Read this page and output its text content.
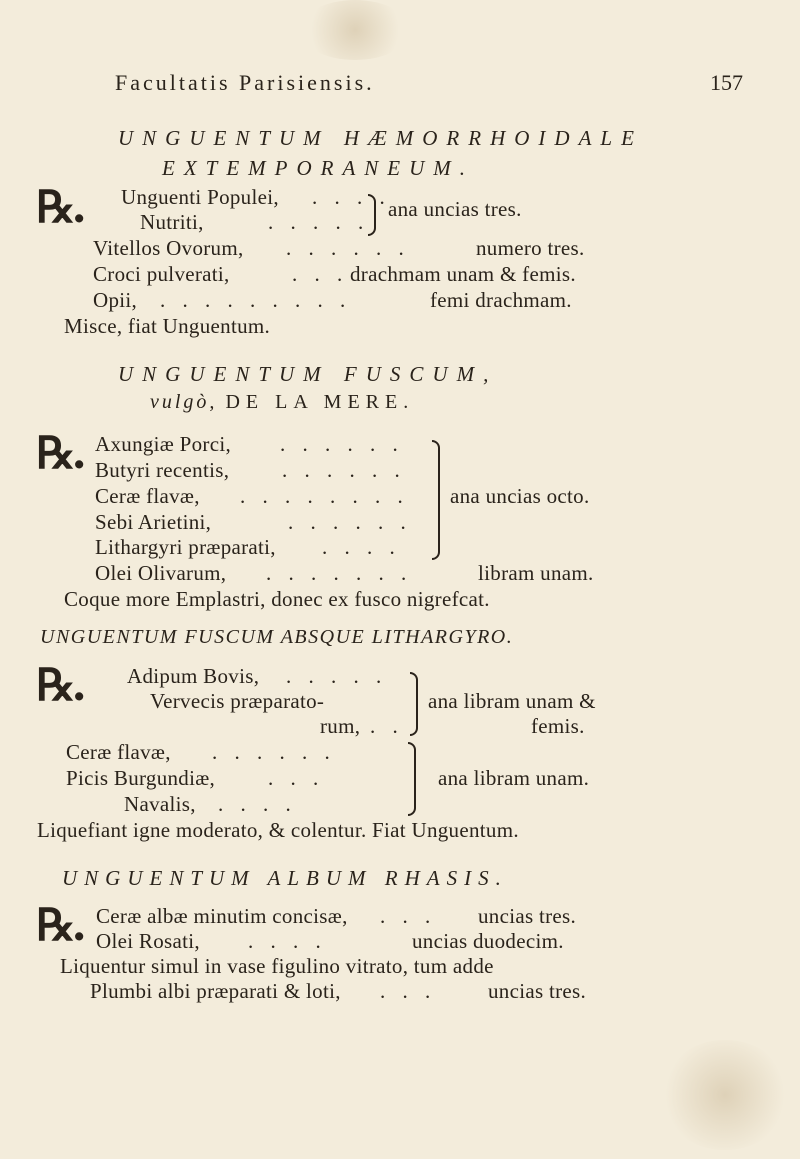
Facultatis Parisiensis.	157
UNGUENTUM HÆMORRHOIDALE
EXTEMPORANEUM.
℞. Unguenti Populei, . . . .
Nutriti,	. . . . .
ana uncias tres.
Vitellos Ovorum, . . . . . .	numero tres.
Croci pulverati,	. . . drachmam unam & femis.
Opii, . . . . . . . . .	femi drachmam.
Misce, fiat Unguentum.
UNGUENTUM FUSCUM,
vulgò, DE LA MERE.
℞. Axungiæ Porci, . . . . . .
Butyri recentis,	. . . . . .
Ceræ flavæ, . . . . . . . .
Sebi Arietini,	. . . . . .
Lithargyri præparati, . . . .
ana uncias octo.
Olei Olivarum, . . . . . . .	libram unam.
Coque more Emplastri, donec ex fusco nigrefcat.
UNGUENTUM FUSCUM ABSQUE LITHARGYRO.
℞. Adipum Bovis, . . . . .
Vervecis præparato-
rum, . .
ana libram unam &
femis.
Ceræ flavæ, . . . . . .
Picis Burgundiæ,	. . .
Navalis, . . . .
ana libram unam.
Liquefiant igne moderato, & colentur. Fiat Unguentum.
UNGUENTUM ALBUM RHASIS.
℞. Ceræ albæ minutim concisæ, . . . uncias tres.
Olei Rosati, . . . .	uncias duodecim.
Liquentur simul in vase figulino vitrato, tum adde
Plumbi albi præparati & loti, . . . uncias tres.
